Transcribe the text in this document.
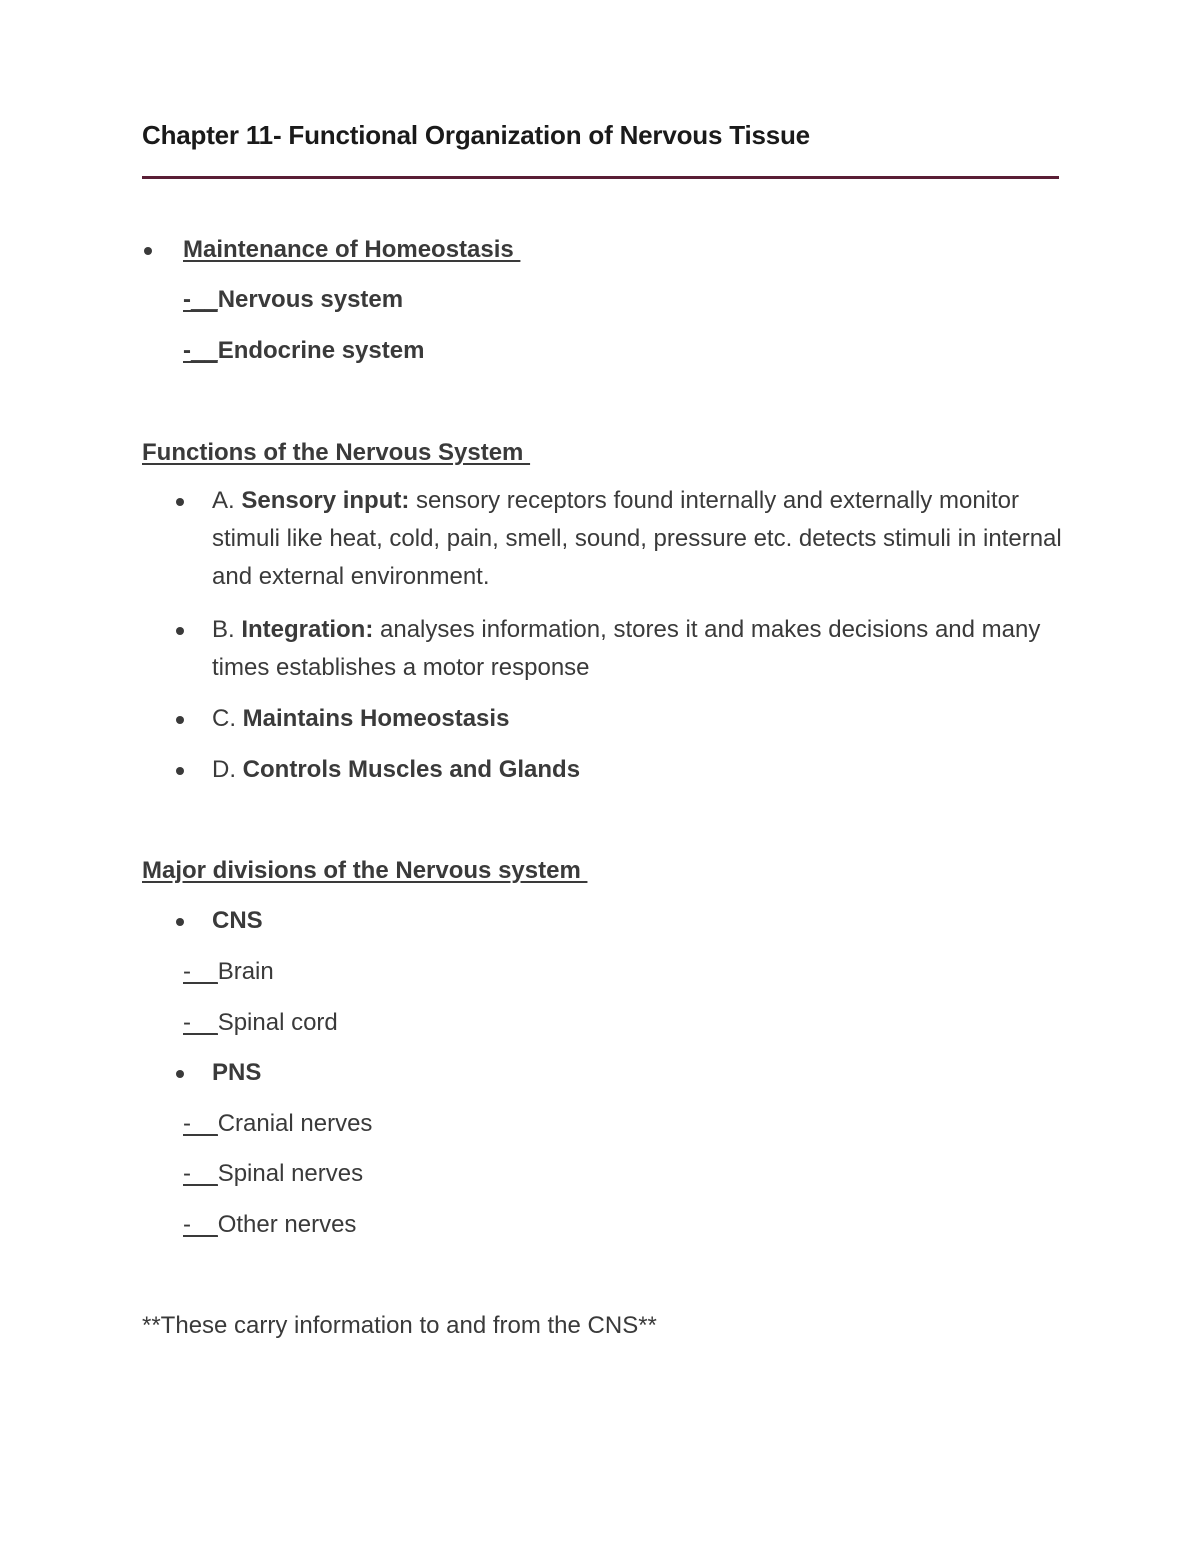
Chapter 11- Functional Organization of Nervous Tissue
Maintenance of Homeostasis
-__Nervous system
-__Endocrine system
Functions of the Nervous System
A. Sensory input: sensory receptors found internally and externally monitor stimuli like heat, cold, pain, smell, sound, pressure etc. detects stimuli in internal and external environment.
B. Integration: analyses information, stores it and makes decisions and many times establishes a motor response
C. Maintains Homeostasis
D. Controls Muscles and Glands
Major divisions of the Nervous system
CNS
-__Brain
-__Spinal cord
PNS
-__Cranial nerves
-__Spinal nerves
-__Other nerves
**These carry information to and from the CNS**
